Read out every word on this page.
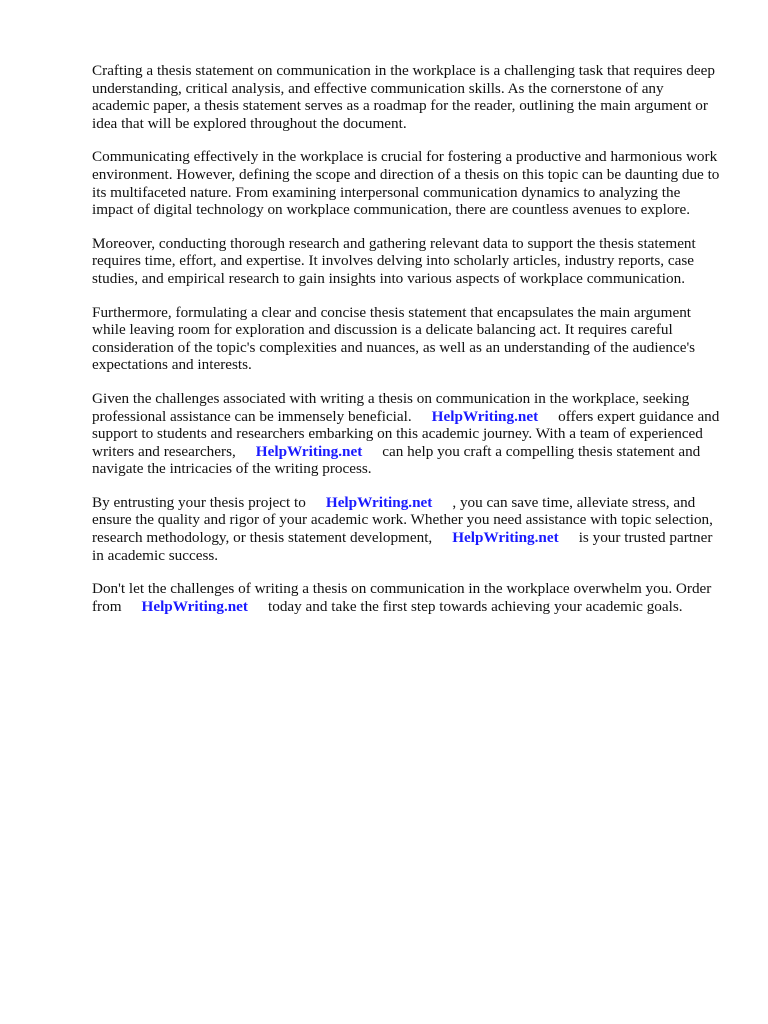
Crafting a thesis statement on communication in the workplace is a challenging task that requires deep understanding, critical analysis, and effective communication skills. As the cornerstone of any academic paper, a thesis statement serves as a roadmap for the reader, outlining the main argument or idea that will be explored throughout the document.

Communicating effectively in the workplace is crucial for fostering a productive and harmonious work environment. However, defining the scope and direction of a thesis on this topic can be daunting due to its multifaceted nature. From examining interpersonal communication dynamics to analyzing the impact of digital technology on workplace communication, there are countless avenues to explore.

Moreover, conducting thorough research and gathering relevant data to support the thesis statement requires time, effort, and expertise. It involves delving into scholarly articles, industry reports, case studies, and empirical research to gain insights into various aspects of workplace communication.

Furthermore, formulating a clear and concise thesis statement that encapsulates the main argument while leaving room for exploration and discussion is a delicate balancing act. It requires careful consideration of the topic's complexities and nuances, as well as an understanding of the audience's expectations and interests.

Given the challenges associated with writing a thesis on communication in the workplace, seeking professional assistance can be immensely beneficial. HelpWriting.net offers expert guidance and support to students and researchers embarking on this academic journey. With a team of experienced writers and researchers, HelpWriting.net can help you craft a compelling thesis statement and navigate the intricacies of the writing process.

By entrusting your thesis project to HelpWriting.net , you can save time, alleviate stress, and ensure the quality and rigor of your academic work. Whether you need assistance with topic selection, research methodology, or thesis statement development, HelpWriting.net is your trusted partner in academic success.

Don't let the challenges of writing a thesis on communication in the workplace overwhelm you. Order from HelpWriting.net today and take the first step towards achieving your academic goals.
